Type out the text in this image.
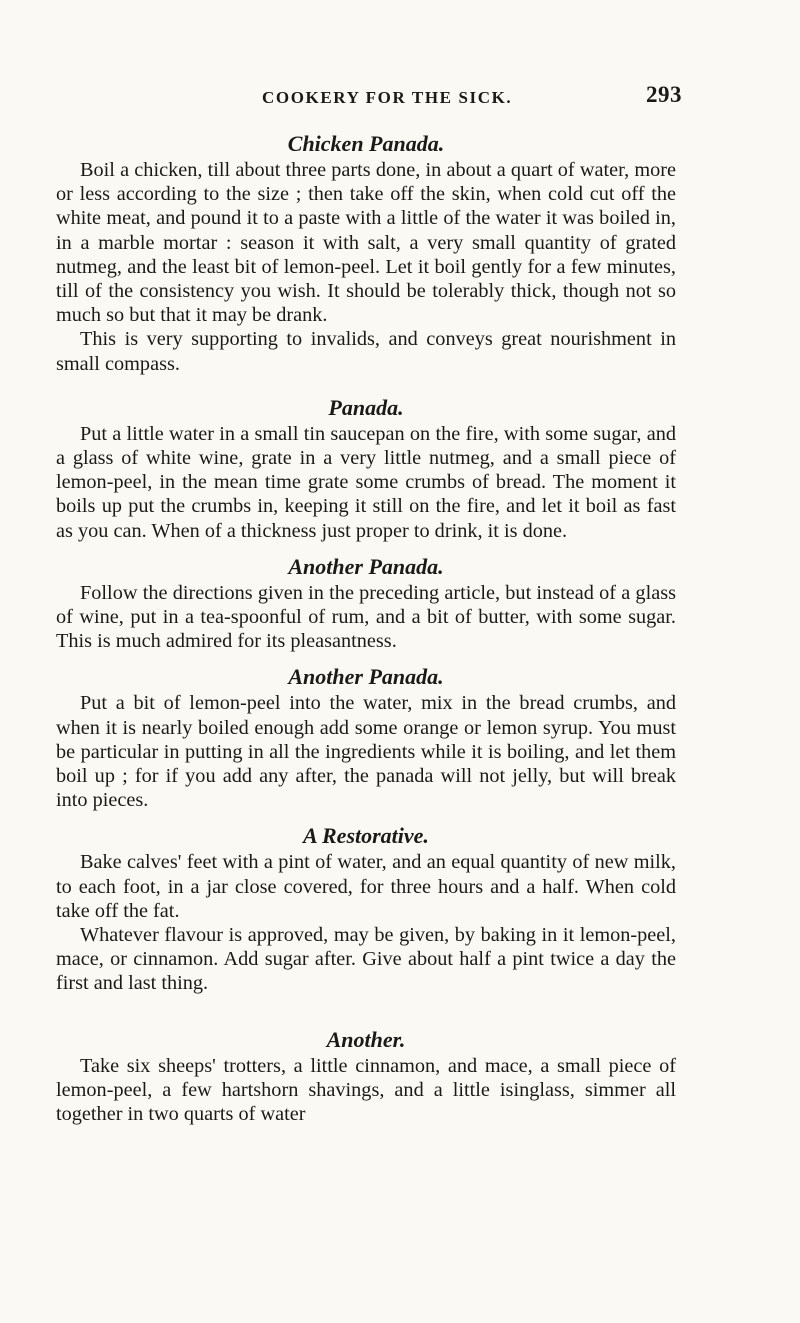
COOKERY FOR THE SICK.	293
Chicken Panada.

Boil a chicken, till about three parts done, in about a quart of water, more or less according to the size ; then take off the skin, when cold cut off the white meat, and pound it to a paste with a little of the water it was boiled in, in a marble mortar : season it with salt, a very small quantity of grated nutmeg, and the least bit of lemon-peel. Let it boil gently for a few minutes, till of the consistency you wish. It should be tolerably thick, though not so much so but that it may be drank.

This is very supporting to invalids, and conveys great nourishment in small compass.

Panada.

Put a little water in a small tin saucepan on the fire, with some sugar, and a glass of white wine, grate in a very little nutmeg, and a small piece of lemon-peel, in the mean time grate some crumbs of bread. The moment it boils up put the crumbs in, keeping it still on the fire, and let it boil as fast as you can. When of a thickness just proper to drink, it is done.

Another Panada.

Follow the directions given in the preceding article, but instead of a glass of wine, put in a tea-spoonful of rum, and a bit of butter, with some sugar. This is much admired for its pleasantness.

Another Panada.

Put a bit of lemon-peel into the water, mix in the bread crumbs, and when it is nearly boiled enough add some orange or lemon syrup. You must be particular in putting in all the ingredients while it is boiling, and let them boil up ; for if you add any after, the panada will not jelly, but will break into pieces.

A Restorative.

Bake calves' feet with a pint of water, and an equal quantity of new milk, to each foot, in a jar close covered, for three hours and a half. When cold take off the fat.

Whatever flavour is approved, may be given, by baking in it lemon-peel, mace, or cinnamon. Add sugar after. Give about half a pint twice a day the first and last thing.

Another.

Take six sheeps' trotters, a little cinnamon, and mace, a small piece of lemon-peel, a few hartshorn shavings, and a little isinglass, simmer all together in two quarts of water
